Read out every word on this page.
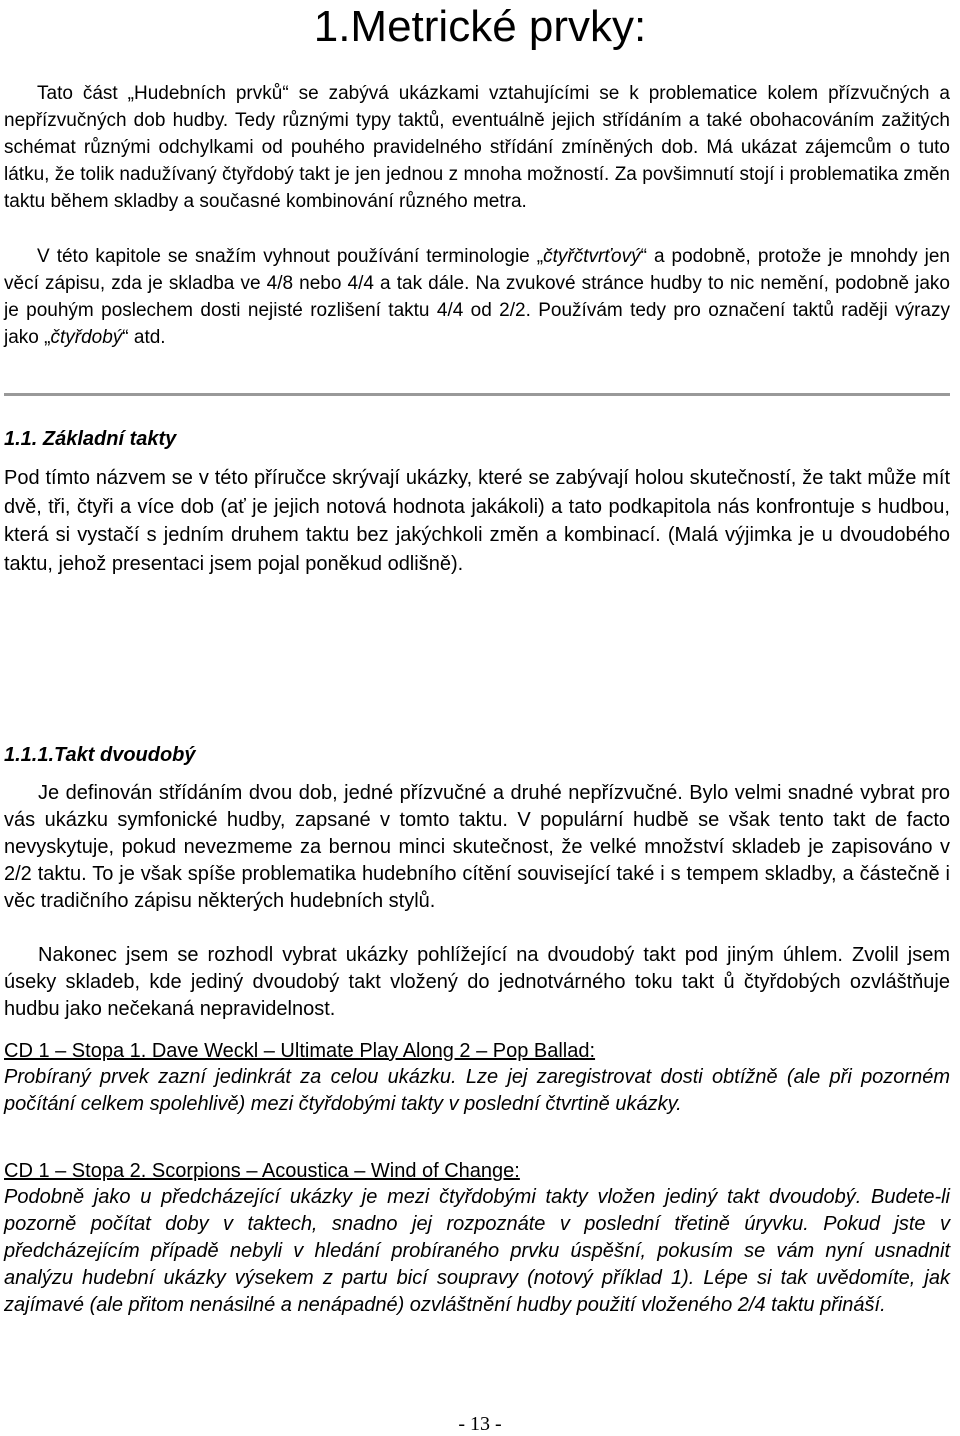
1.Metrické prvky:

Tato část „Hudebních prvků“ se zabývá ukázkami vztahujícími se k problematice kolem přízvučných a nepřízvučných dob hudby. Tedy různými typy taktů, eventuálně jejich střídáním a také obohacováním zažitých schémat různými odchylkami od pouhého pravidelného střídání zmíněných dob. Má ukázat zájemcům o tuto látku, že tolik nadužívaný čtyřdobý takt je jen jednou z mnoha možností. Za povšimnutí stojí i problematika změn taktu během skladby a současné kombinování různého metra.

V této kapitole se snažím vyhnout používání terminologie „čtyřčtvrťový“ a podobně, protože je mnohdy jen věcí zápisu, zda je skladba ve 4/8 nebo 4/4 a tak dále. Na zvukové stránce hudby to nic nemění, podobně jako je pouhým poslechem dosti nejisté rozlišení taktu 4/4 od 2/2. Používám tedy pro označení taktů raději výrazy jako „čtyřdobý“ atd.

1.1. Základní takty

Pod tímto názvem se v této příručce skrývají ukázky, které se zabývají holou skutečností, že takt může mít dvě, tři, čtyři a více dob (ať je jejich notová hodnota jakákoli) a tato podkapitola nás konfrontuje s hudbou, která si vystačí s jedním druhem taktu bez jakýchkoli změn a kombinací. (Malá výjimka je u dvoudobého taktu, jehož presentaci jsem pojal poněkud odlišně).

1.1.1.Takt dvoudobý

Je definován střídáním dvou dob, jedné přízvučné a druhé nepřízvučné. Bylo velmi snadné vybrat pro vás ukázku symfonické hudby, zapsané v tomto taktu. V populární hudbě se však tento takt de facto nevyskytuje, pokud nevezmeme za bernou minci skutečnost, že velké množství skladeb je zapisováno v 2/2 taktu. To je však spíše problematika hudebního cítění související také i s tempem skladby, a částečně i věc tradičního zápisu některých hudebních stylů.

Nakonec jsem se rozhodl vybrat ukázky pohlížející na dvoudobý takt pod jiným úhlem. Zvolil jsem úseky skladeb, kde jediný dvoudobý takt vložený do jednotvárného toku takt ů čtyřdobých ozvláštňuje hudbu jako nečekaná nepravidelnost.

CD 1 – Stopa 1. Dave Weckl – Ultimate Play Along 2 – Pop Ballad:

Probíraný prvek zazní jedinkrát za celou ukázku. Lze jej zaregistrovat dosti obtížně (ale při pozorném počítání celkem spolehlivě) mezi čtyřdobými takty v poslední čtvrtině ukázky.

CD 1 – Stopa 2. Scorpions – Acoustica – Wind of Change:

Podobně jako u předcházející ukázky je mezi čtyřdobými takty vložen jediný takt dvoudobý. Budete-li pozorně počítat doby v taktech, snadno jej rozpoznáte v poslední třetině úryvku. Pokud jste v předcházejícím případě nebyli v hledání probíraného prvku úspěšní, pokusím se vám nyní usnadnit analýzu hudební ukázky výsekem z partu bicí soupravy (notový příklad 1). Lépe si tak uvědomíte, jak zajímavé (ale přitom nenásilné a nenápadné) ozvláštnění hudby použití vloženého 2/4 taktu přináší.

- 13 -
